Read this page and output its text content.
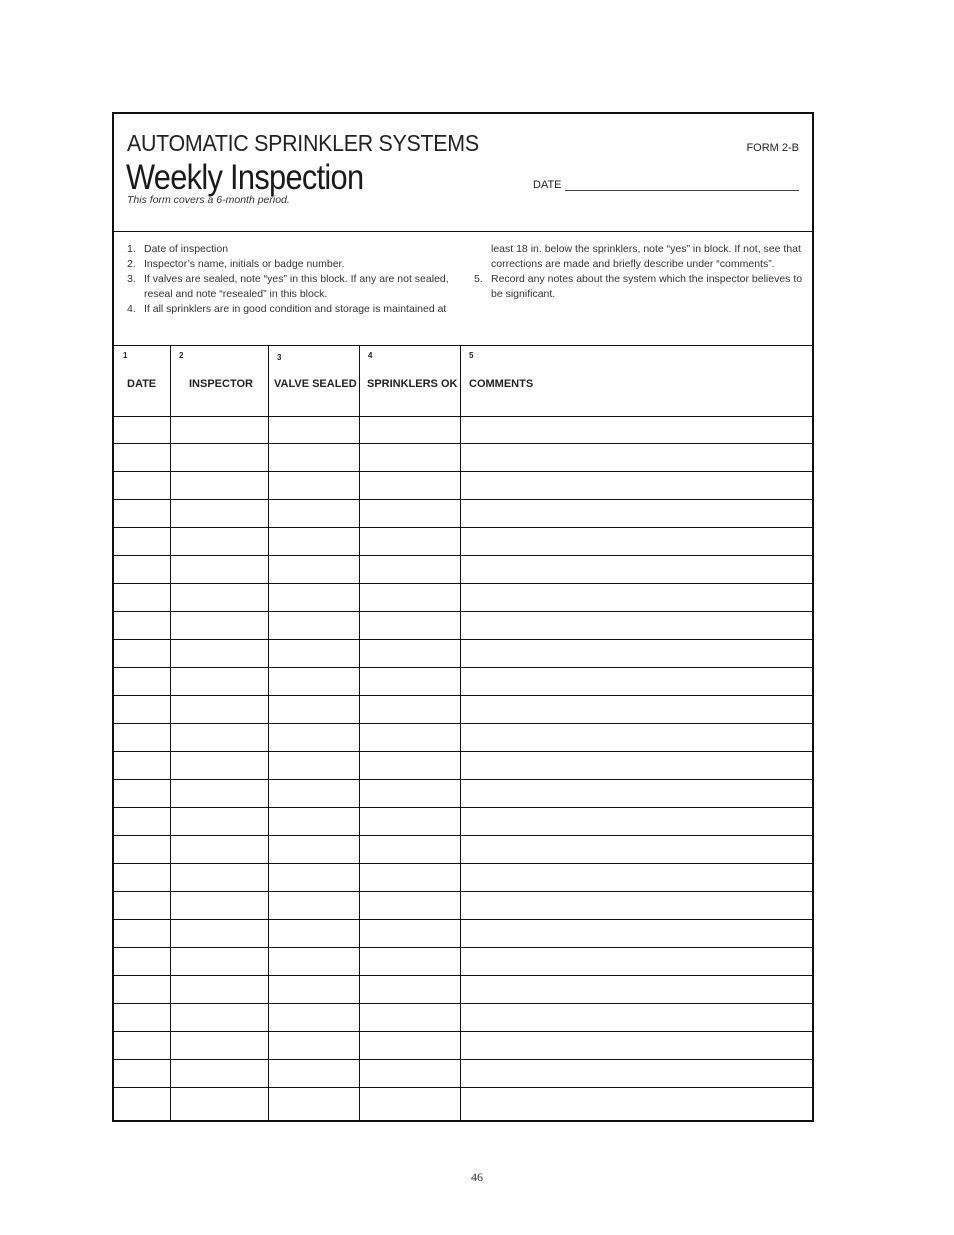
AUTOMATIC SPRINKLER SYSTEMS
Weekly Inspection
This form covers a 6-month period.
FORM 2-B
DATE
1. Date of inspection
2. Inspector’s name, initials or badge number.
3. If valves are sealed, note “yes” in this block. If any are not sealed, reseal and note “resealed” in this block.
4. If all sprinklers are in good condition and storage is maintained at
least 18 in. below the sprinklers, note “yes” in block. If not, see that corrections are made and briefly describe under “comments”.
5. Record any notes about the system which the inspector believes to be significant.
1
DATE
2
INSPECTOR
3
VALVE SEALED
4
SPRINKLERS OK
5
COMMENTS
46
